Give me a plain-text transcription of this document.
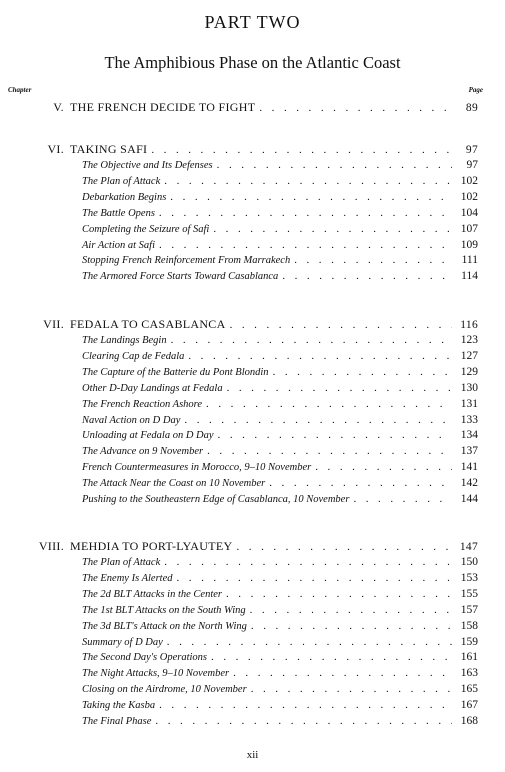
PART TWO
The Amphibious Phase on the Atlantic Coast
Chapter	Page
V. THE FRENCH DECIDE TO FIGHT . . .	89
VI. TAKING SAFI . . .	97
The Objective and Its Defenses . . .	97
The Plan of Attack . . .	102
Debarkation Begins . . .	102
The Battle Opens . . .	104
Completing the Seizure of Safi . . .	107
Air Action at Safi . . .	109
Stopping French Reinforcement From Marrakech . . .	111
The Armored Force Starts Toward Casablanca . . .	114
VII. FEDALA TO CASABLANCA . . .	116
The Landings Begin . . .	123
Clearing Cap de Fedala . . .	127
The Capture of the Batterie du Pont Blondin . . .	129
Other D-Day Landings at Fedala . . .	130
The French Reaction Ashore . . .	131
Naval Action on D Day . . .	133
Unloading at Fedala on D Day . . .	134
The Advance on 9 November . . .	137
French Countermeasures in Morocco, 9–10 November . . .	141
The Attack Near the Coast on 10 November . . .	142
Pushing to the Southeastern Edge of Casablanca, 10 November . . .	144
VIII. MEHDIA TO PORT-LYAUTEY . . .	147
The Plan of Attack . . .	150
The Enemy Is Alerted . . .	153
The 2d BLT Attacks in the Center . . .	155
The 1st BLT Attacks on the South Wing . . .	157
The 3d BLT's Attack on the North Wing . . .	158
Summary of D Day . . .	159
The Second Day's Operations . . .	161
The Night Attacks, 9–10 November . . .	163
Closing on the Airdrome, 10 November . . .	165
Taking the Kasba . . .	167
The Final Phase . . .	168
xii
